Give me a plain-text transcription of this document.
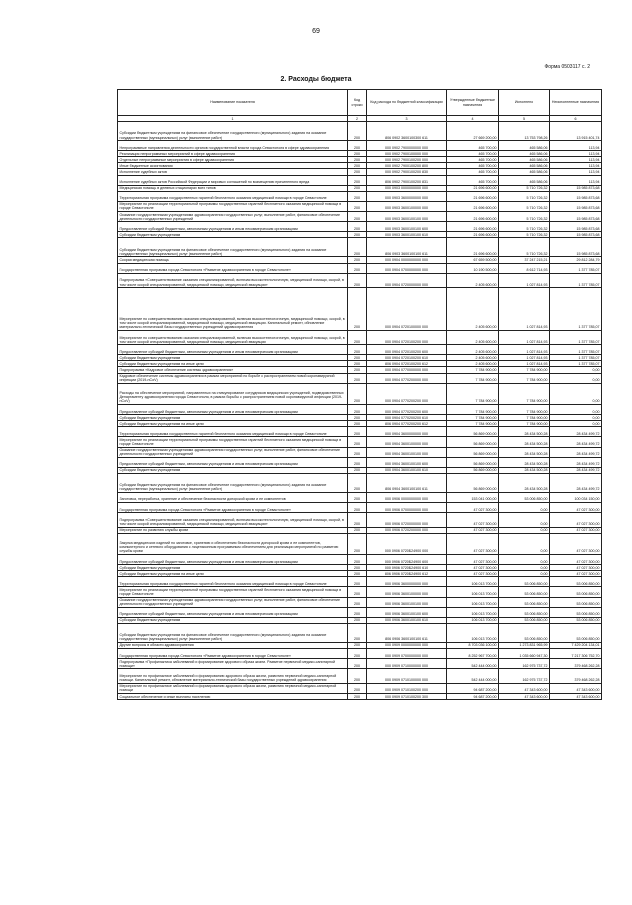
69
Форма 0503117 с. 2
2. Расходы бюджета
Наименование показателя	Код строки	Код расхода по бюджетной классификации	Утвержденные бюджетные назначения	Исполнено	Неисполненные назначения
1	2	3	4	5	6
Субсидии бюджетным учреждениям на финансовое обеспечение государственного (муниципального) задания на оказание государственных (муниципальных) услуг (выполнение работ)	200	806 0902 3600100300 611	27 669 200,00	13 753 798,26	13 915 401,74
Непрограммные направления деятельности органов государственной власти города Севастополя в сфере здравоохранения	200	000 0902 7900000000 000	465 700,00	465 586,06	113,94
Реализация непрограммных мероприятий в сфере здравоохранения	200	000 0902 7900100000 000	465 700,00	465 586,06	113,94
Отдельные непрограммные мероприятия в сфере здравоохранения	200	000 0902 7900100200 000	465 700,00	465 586,06	113,94
Иные бюджетные ассигнования	200	000 0902 7900100200 800	465 700,00	465 586,06	113,94
Исполнение судебных актов	200	000 0902 7900100200 830	465 700,00	465 586,06	113,94
Исполнение судебных актов Российской Федерации и мировых соглашений по возмещению причиненного вреда	200	806 0902 7900100200 831	465 700,00	465 586,06	113,94
Медицинская помощь в дневных стационарах всех типов	200	000 0903 0000000000 000	21 696 600,00	5 710 726,32	15 985 873,68
Территориальная программа государственных гарантий бесплатного оказания медицинской помощи в городе Севастополе	200	000 0903 3600000000 000	21 696 600,00	5 710 726,32	15 985 873,68
Мероприятие по реализации территориальной программы государственных гарантий бесплатного оказания медицинской помощи в городе Севастополе	200	000 0903 3600100000 000	21 696 600,00	5 710 726,32	15 985 873,68
Оказание государственными учреждениями здравоохранения государственных услуг, выполнение работ, финансовое обеспечение деятельности государственных учреждений	200	000 0903 3600100100 000	21 696 600,00	5 710 726,32	15 985 873,68
Предоставление субсидий бюджетным, автономным учреждениям и иным некоммерческим организациям	200	000 0903 3600100100 600	21 696 600,00	5 710 726,32	15 985 873,68
Субсидии бюджетным учреждениям	200	000 0903 3600100100 610	21 696 600,00	5 710 726,32	15 985 873,68
Субсидии бюджетным учреждениям на финансовое обеспечение государственного (муниципального) задания на оказание государственных (муниципальных) услуг (выполнение работ)	200	806 0903 3600100100 611	21 696 600,00	5 710 726,32	15 985 873,68
Скорая медицинская помощь	200	000 0904 0000000000 000	67 659 500,00	37 247 215,21	29 812 284,79
Государственная программа города Севастополя «Развитие здравоохранения в городе Севастополе»	200	000 0904 0700000000 000	10 190 500,00	8 612 714,93	1 377 785,07
Подпрограмма «Совершенствование оказания специализированной, включая высокотехнологичную, медицинской помощи, скорой, в том числе скорой специализированной, медицинской помощи, медицинской эвакуации»	200	000 0904 0720000000 000	2 405 600,00	1 027 814,93	1 377 785,07
Мероприятие по совершенствованию оказания специализированной, включая высокотехнологичную, медицинской помощи, скорой, в том числе скорой специализированной, медицинской помощи, медицинской эвакуации. Капитальный ремонт, обновление материально-технической базы государственных учреждений здравоохранения	200	000 0904 0720100000 000	2 405 600,00	1 027 814,93	1 377 785,07
Мероприятие по совершенствованию оказания специализированной, включая высокотехнологичную, медицинской помощи, скорой, в том числе скорой специализированной, медицинской помощи, медицинской эвакуации	200	000 0904 0720100200 000	2 405 600,00	1 027 814,93	1 377 785,07
Предоставление субсидий бюджетным, автономным учреждениям и иным некоммерческим организациям	200	000 0904 0720100200 600	2 405 600,00	1 027 814,93	1 377 785,07
Субсидии бюджетным учреждениям	200	000 0904 0720100200 610	2 405 600,00	1 027 814,93	1 377 785,07
Субсидии бюджетным учреждениям на иные цели	200	806 0904 0720100200 612	2 405 600,00	1 027 814,93	1 377 785,07
Подпрограмма «Кадровое обеспечение системы здравоохранения»	200	000 0904 0770000000 000	7 784 900,00	7 784 900,00	0,00
Кадровое обеспечение системы здравоохранения в рамках мероприятий по борьбе с распространением новой коронавирусной инфекции (2019-nCoV)	200	000 0904 0770200000 000	7 784 900,00	7 784 900,00	0,00
Расходы на обеспечение мероприятий, направленных на стимулирование сотрудников медицинских учреждений, подведомственных Департаменту здравоохранения города Севастополя, в рамках борьбы с распространением новой коронавирусной инфекции (2019-nCoV)	200	000 0904 0770200200 000	7 784 900,00	7 784 900,00	0,00
Предоставление субсидий бюджетным, автономным учреждениям и иным некоммерческим организациям	200	000 0904 0770200200 600	7 784 900,00	7 784 900,00	0,00
Субсидии бюджетным учреждениям	200	000 0904 0770200200 610	7 784 900,00	7 784 900,00	0,00
Субсидии бюджетным учреждениям на иные цели	200	806 0904 0770200200 612	7 784 900,00	7 784 900,00	0,00
Территориальная программа государственных гарантий бесплатного оказания медицинской помощи в городе Севастополе	200	000 0904 3600000000 000	56 869 000,00	28 434 500,28	28 434 499,72
Мероприятие по реализации территориальной программы государственных гарантий бесплатного оказания медицинской помощи в городе Севастополе	200	000 0904 3600100000 000	56 869 000,00	28 434 500,28	28 434 499,72
Оказание государственными учреждениями здравоохранения государственных услуг, выполнение работ, финансовое обеспечение деятельности государственных учреждений	200	000 0904 3600100100 000	56 869 000,00	28 434 500,28	28 434 499,72
Предоставление субсидий бюджетным, автономным учреждениям и иным некоммерческим организациям	200	000 0904 3600100100 600	56 869 000,00	28 434 500,28	28 434 499,72
Субсидии бюджетным учреждениям	200	000 0904 3600100100 610	56 869 000,00	28 434 500,28	28 434 499,72
Субсидии бюджетным учреждениям на финансовое обеспечение государственного (муниципального) задания на оказание государственных (муниципальных) услуг (выполнение работ)	200	806 0904 3600100100 611	56 869 000,00	28 434 500,28	28 434 499,72
Заготовка, переработка, хранение и обеспечение безопасности донорской крови и ее компонентов	200	000 0906 0000000000 000	153 041 000,00	53 006 850,00	100 034 150,00
Государственная программа города Севастополя «Развитие здравоохранения в городе Севастополе»	200	000 0906 0700000000 000	47 027 300,00	0,00	47 027 300,00
Подпрограмма «Совершенствование оказания специализированной, включая высокотехнологичную, медицинской помощи, скорой, в том числе скорой специализированной, медицинской помощи, медицинской эвакуации»	200	000 0906 0720000000 000	47 027 300,00	0,00	47 027 300,00
Мероприятие по развитию службы крови	200	000 0906 0720200000 000	47 027 300,00	0,00	47 027 300,00
Закупка медицинских изделий по заготовке, хранению и обеспечению безопасности донорской крови и ее компонентов, компьютерного и сетевого оборудования с лицензионным программным обеспечением для реализации мероприятий по развитию службы крови	200	000 0906 0720Б24900 000	47 027 300,00	0,00	47 027 300,00
Предоставление субсидий бюджетным, автономным учреждениям и иным некоммерческим организациям	200	000 0906 0720Б24900 600	47 027 300,00	0,00	47 027 300,00
Субсидии бюджетным учреждениям	200	000 0906 0720Б24900 610	47 027 300,00	0,00	47 027 300,00
Субсидии бюджетным учреждениям на иные цели	200	806 0906 0720Б24900 612	47 027 300,00	0,00	47 027 300,00
Территориальная программа государственных гарантий бесплатного оказания медицинской помощи в городе Севастополе	200	000 0906 3600000000 000	106 013 700,00	53 006 850,00	53 006 850,00
Мероприятие по реализации территориальной программы государственных гарантий бесплатного оказания медицинской помощи в городе Севастополе	200	000 0906 3600100000 000	106 013 700,00	53 006 850,00	53 006 850,00
Оказание государственными учреждениями здравоохранения государственных услуг, выполнение работ, финансовое обеспечение деятельности государственных учреждений	200	000 0906 3600100100 000	106 013 700,00	53 006 850,00	53 006 850,00
Предоставление субсидий бюджетным, автономным учреждениям и иным некоммерческим организациям	200	000 0906 3600100100 600	106 013 700,00	53 006 850,00	53 006 850,00
Субсидии бюджетным учреждениям	200	000 0906 3600100100 610	106 013 700,00	53 006 850,00	53 006 850,00
Субсидии бюджетным учреждениям на финансовое обеспечение государственного (муниципального) задания на оказание государственных (муниципальных) услуг (выполнение работ)	200	806 0906 3600100100 611	106 013 700,00	53 006 850,00	53 006 850,00
Другие вопросы в области здравоохранения	200	000 0909 0000000000 000	8 703 036 100,00	1 273 831 965,99	7 429 204 134,01
Государственная программа города Севастополя «Развитие здравоохранения в городе Севастополе»	200	000 0909 0700000000 000	8 252 967 700,00	1 035 660 947,30	7 217 306 752,70
Подпрограмма «Профилактика заболеваний и формирование здорового образа жизни. Развитие первичной медико-санитарной помощи»	200	000 0909 0710000000 000	542 444 000,00	162 975 737,72	379 468 262,28
Мероприятие по профилактике заболеваний и формированию здорового образа жизни, развитию первичной медико-санитарной помощи. Капитальный ремонт, обновление материально-технической базы государственных учреждений здравоохранения	200	000 0909 0710100000 000	542 444 000,00	162 975 737,72	379 468 262,28
Мероприятие по профилактике заболеваний и формированию здорового образа жизни, развитию первичной медико-санитарной помощи	200	000 0909 0710100200 000	94 687 200,00	47 343 600,00	47 343 600,00
Социальное обеспечение и иные выплаты населению	200	000 0909 0710100200 300	94 687 200,00	47 343 600,00	47 343 600,00
